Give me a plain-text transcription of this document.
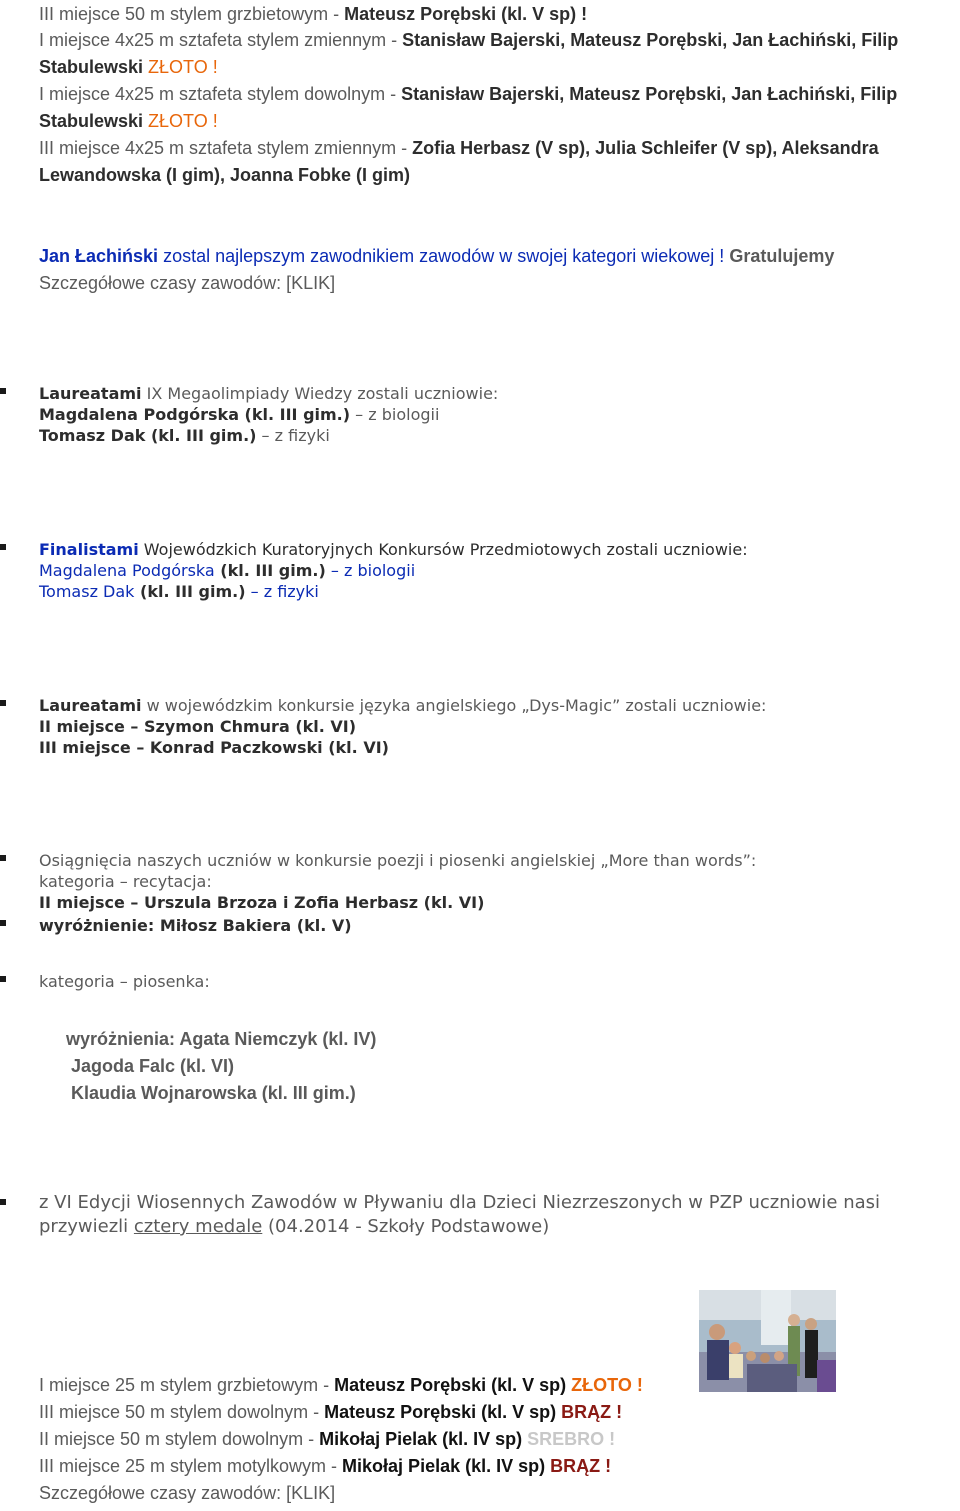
III miejsce 50 m stylem grzbietowym - Mateusz Porębski (kl. V sp) !
I miejsce 4x25 m sztafeta stylem zmiennym - Stanisław Bajerski, Mateusz Porębski, Jan Łachiński, Filip
Stabulewski ZŁOTO !
I miejsce 4x25 m sztafeta stylem dowolnym - Stanisław Bajerski, Mateusz Porębski, Jan Łachiński, Filip
Stabulewski ZŁOTO !
III miejsce 4x25 m sztafeta stylem zmiennym - Zofia Herbasz (V sp), Julia Schleifer (V sp), Aleksandra
Lewandowska (I gim), Joanna Fobke (I gim)
Jan Łachiński zostal najlepszym zawodnikiem zawodów w swojej kategori wiekowej ! Gratulujemy
Szczegółowe czasy zawodów: [KLIK]
Laureatami IX Megaolimpiady Wiedzy zostali uczniowie:
Magdalena Podgórska (kl. III gim.) – z biologii
Tomasz Dak (kl. III gim.) – z fizyki
Finalistami Wojewódzkich Kuratoryjnych Konkursów Przedmiotowych zostali uczniowie:
Magdalena Podgórska (kl. III gim.) – z biologii
Tomasz Dak (kl. III gim.) – z fizyki
Laureatami w wojewódzkim konkursie języka angielskiego „Dys-Magic” zostali uczniowie:
II miejsce – Szymon Chmura (kl. VI)
III miejsce – Konrad Paczkowski (kl. VI)
Osiągnięcia naszych uczniów w konkursie poezji i piosenki angielskiej „More than words”:
kategoria – recytacja:
II miejsce – Urszula Brzoza i Zofia Herbasz (kl. VI)
wyróżnienie: Miłosz Bakiera (kl. V)
kategoria – piosenka:
wyróżnienia: Agata Niemczyk (kl. IV)
Jagoda Falc (kl. VI)
Klaudia Wojnarowska (kl. III gim.)
z VI Edycji Wiosennych Zawodów w Pływaniu dla Dzieci Niezrzeszonych w PZP uczniowie nasi
przywiezli cztery medale (04.2014 - Szkoły Podstawowe)
I miejsce 25 m stylem grzbietowym - Mateusz Porębski (kl. V sp) ZŁOTO !
III miejsce 50 m stylem dowolnym - Mateusz Porębski (kl. V sp) BRĄZ !
II miejsce 50 m stylem dowolnym - Mikołaj Pielak (kl. IV sp) SREBRO !
III miejsce 25 m stylem motylkowym - Mikołaj Pielak (kl. IV sp) BRĄZ !
Szczegółowe czasy zawodów: [KLIK]
